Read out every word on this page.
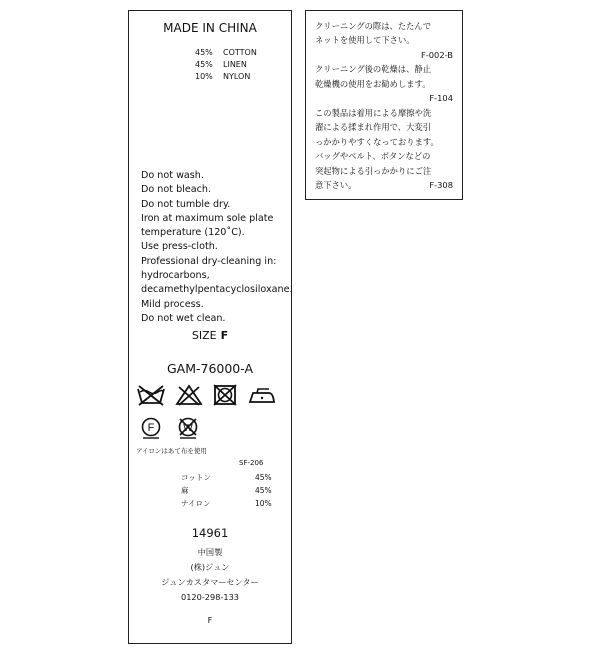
MADE IN CHINA
45% COTTON
45% LINEN
10% NYLON
Do not wash.
Do not bleach.
Do not tumble dry.
Iron at maximum sole plate
temperature (120˚C).
Use press-cloth.
Professional dry-cleaning in:
hydrocarbons,
decamethylpentacyclosiloxane.
Mild process.
Do not wet clean.
SIZE F
GAM-76000-A

F
	W
アイロンはあて布を使用
SF-206
コットン	45%
麻	45%
ナイロン	10%
14961
中国製
(株)ジュン
ジュンカスタマーセンター
0120-298-133
F
クリーニングの際は、たたんで
ネットを使用して下さい。
F-002-B
クリーニング後の乾燥は、静止
乾燥機の使用をお勧めします。
F-104
この製品は着用による摩擦や洗
濯による揉まれ作用で、大変引
っかかりやすくなっております。
バッグやベルト、ボタンなどの
突起物による引っかかりにご注
意下さい。	F-308
